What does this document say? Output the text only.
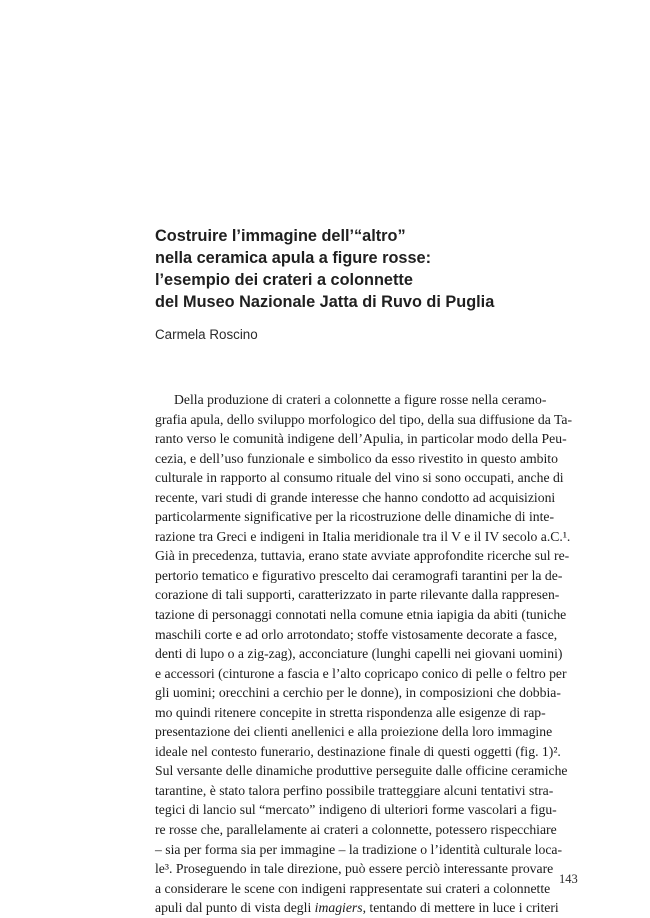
Costruire l’immagine dell’“altro”
nella ceramica apula a figure rosse:
l’esempio dei crateri a colonnette
del Museo Nazionale Jatta di Ruvo di Puglia
Carmela Roscino
Della produzione di crateri a colonnette a figure rosse nella ceramo-
grafia apula, dello sviluppo morfologico del tipo, della sua diffusione da Ta-
ranto verso le comunità indigene dell’Apulia, in particolar modo della Peu-
cezia, e dell’uso funzionale e simbolico da esso rivestito in questo ambito
culturale in rapporto al consumo rituale del vino si sono occupati, anche di
recente, vari studi di grande interesse che hanno condotto ad acquisizioni
particolarmente significative per la ricostruzione delle dinamiche di inte-
razione tra Greci e indigeni in Italia meridionale tra il V e il IV secolo a.C.¹.
Già in precedenza, tuttavia, erano state avviate approfondite ricerche sul re-
pertorio tematico e figurativo prescelto dai ceramografi tarantini per la de-
corazione di tali supporti, caratterizzato in parte rilevante dalla rappresen-
tazione di personaggi connotati nella comune etnia iapigia da abiti (tuniche
maschili corte e ad orlo arrotondato; stoffe vistosamente decorate a fasce,
denti di lupo o a zig-zag), acconciature (lunghi capelli nei giovani uomini)
e accessori (cinturone a fascia e l’alto copricapo conico di pelle o feltro per
gli uomini; orecchini a cerchio per le donne), in composizioni che dobbia-
mo quindi ritenere concepite in stretta rispondenza alle esigenze di rap-
presentazione dei clienti anellenici e alla proiezione della loro immagine
ideale nel contesto funerario, destinazione finale di questi oggetti (fig. 1)².
Sul versante delle dinamiche produttive perseguite dalle officine ceramiche
tarantine, è stato talora perfino possibile tratteggiare alcuni tentativi stra-
tegici di lancio sul “mercato” indigeno di ulteriori forme vascolari a figu-
re rosse che, parallelamente ai crateri a colonnette, potessero rispecchiare
– sia per forma sia per immagine – la tradizione o l’identità culturale loca-
le³. Proseguendo in tale direzione, può essere perciò interessante provare
a considerare le scene con indigeni rappresentate sui crateri a colonnette
apuli dal punto di vista degli imagiers, tentando di mettere in luce i criteri
143
